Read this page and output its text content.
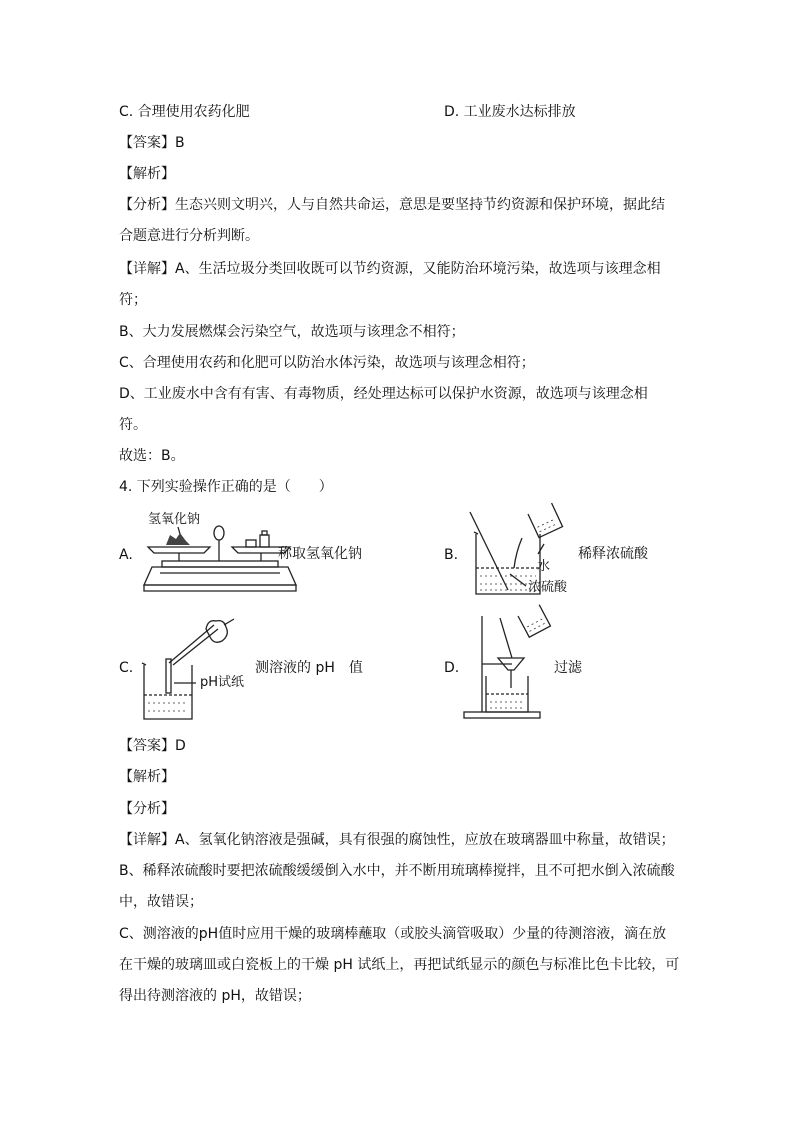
C. 合理使用农药化肥	D. 工业废水达标排放
【答案】B
【解析】
【分析】生态兴则文明兴，人与自然共命运，意思是要坚持节约资源和保护环境，据此结
合题意进行分析判断。
【详解】A、生活垃圾分类回收既可以节约资源，又能防治环境污染，故选项与该理念相
符；
B、大力发展燃煤会污染空气，故选项与该理念不相符；
C、合理使用农药和化肥可以防治水体污染，故选项与该理念相符；
D、工业废水中含有有害、有毒物质，经处理达标可以保护水资源，故选项与该理念相
符。
故选：B。
4. 下列实验操作正确的是（　　）
A.
氢氧化钠
称取氢氧化钠	B.
水
浓硫酸
稀释浓硫酸
C.
pH试纸
测溶液的 pH　值	D.	过滤
【答案】D
【解析】
【分析】
【详解】A、氢氧化钠溶液是强碱，具有很强的腐蚀性，应放在玻璃器皿中称量，故错误；
B、稀释浓硫酸时要把浓硫酸缓缓倒入水中，并不断用琉璃棒搅拌，且不可把水倒入浓硫酸
中，故错误；
C、测溶液的pH值时应用干燥的玻璃棒蘸取（或胶头滴管吸取）少量的待测溶液，滴在放
在干燥的玻璃皿或白瓷板上的干燥 pH 试纸上，再把试纸显示的颜色与标准比色卡比较，可
得出待测溶液的 pH，故错误；
